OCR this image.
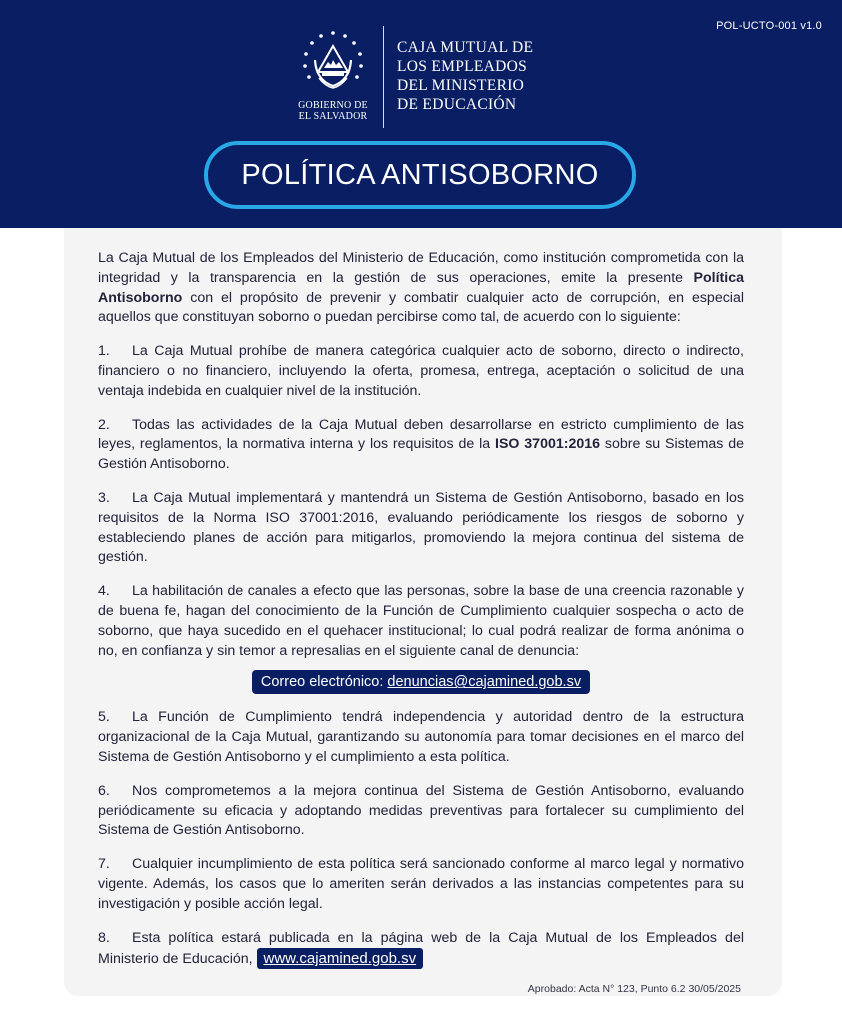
POL-UCTO-001 v1.0
GOBIERNO DE
EL SALVADOR
CAJA MUTUAL DE
LOS EMPLEADOS
DEL MINISTERIO
DE EDUCACIÓN
POLÍTICA ANTISOBORNO

La Caja Mutual de los Empleados del Ministerio de Educación, como institución comprometida con la integridad y la transparencia en la gestión de sus operaciones, emite la presente Política Antisoborno con el propósito de prevenir y combatir cualquier acto de corrupción, en especial aquellos que constituyan soborno o puedan percibirse como tal, de acuerdo con lo siguiente:

1. La Caja Mutual prohíbe de manera categórica cualquier acto de soborno, directo o indirecto, financiero o no financiero, incluyendo la oferta, promesa, entrega, aceptación o solicitud de una ventaja indebida en cualquier nivel de la institución.

2. Todas las actividades de la Caja Mutual deben desarrollarse en estricto cumplimiento de las leyes, reglamentos, la normativa interna y los requisitos de la ISO 37001:2016 sobre su Sistemas de Gestión Antisoborno.

3. La Caja Mutual implementará y mantendrá un Sistema de Gestión Antisoborno, basado en los requisitos de la Norma ISO 37001:2016, evaluando periódicamente los riesgos de soborno y estableciendo planes de acción para mitigarlos, promoviendo la mejora continua del sistema de gestión.

4. La habilitación de canales a efecto que las personas, sobre la base de una creencia razonable y de buena fe, hagan del conocimiento de la Función de Cumplimiento cualquier sospecha o acto de soborno, que haya sucedido en el quehacer institucional; lo cual podrá realizar de forma anónima o no, en confianza y sin temor a represalias en el siguiente canal de denuncia:

Correo electrónico: denuncias@cajamined.gob.sv

5. La Función de Cumplimiento tendrá independencia y autoridad dentro de la estructura organizacional de la Caja Mutual, garantizando su autonomía para tomar decisiones en el marco del Sistema de Gestión Antisoborno y el cumplimiento a esta política.

6. Nos comprometemos a la mejora continua del Sistema de Gestión Antisoborno, evaluando periódicamente su eficacia y adoptando medidas preventivas para fortalecer su cumplimiento del Sistema de Gestión Antisoborno.

7. Cualquier incumplimiento de esta política será sancionado conforme al marco legal y normativo vigente. Además, los casos que lo ameriten serán derivados a las instancias competentes para su investigación y posible acción legal.

8. Esta política estará publicada en la página web de la Caja Mutual de los Empleados del Ministerio de Educación, www.cajamined.gob.sv

Aprobado: Acta N° 123, Punto 6.2 30/05/2025
